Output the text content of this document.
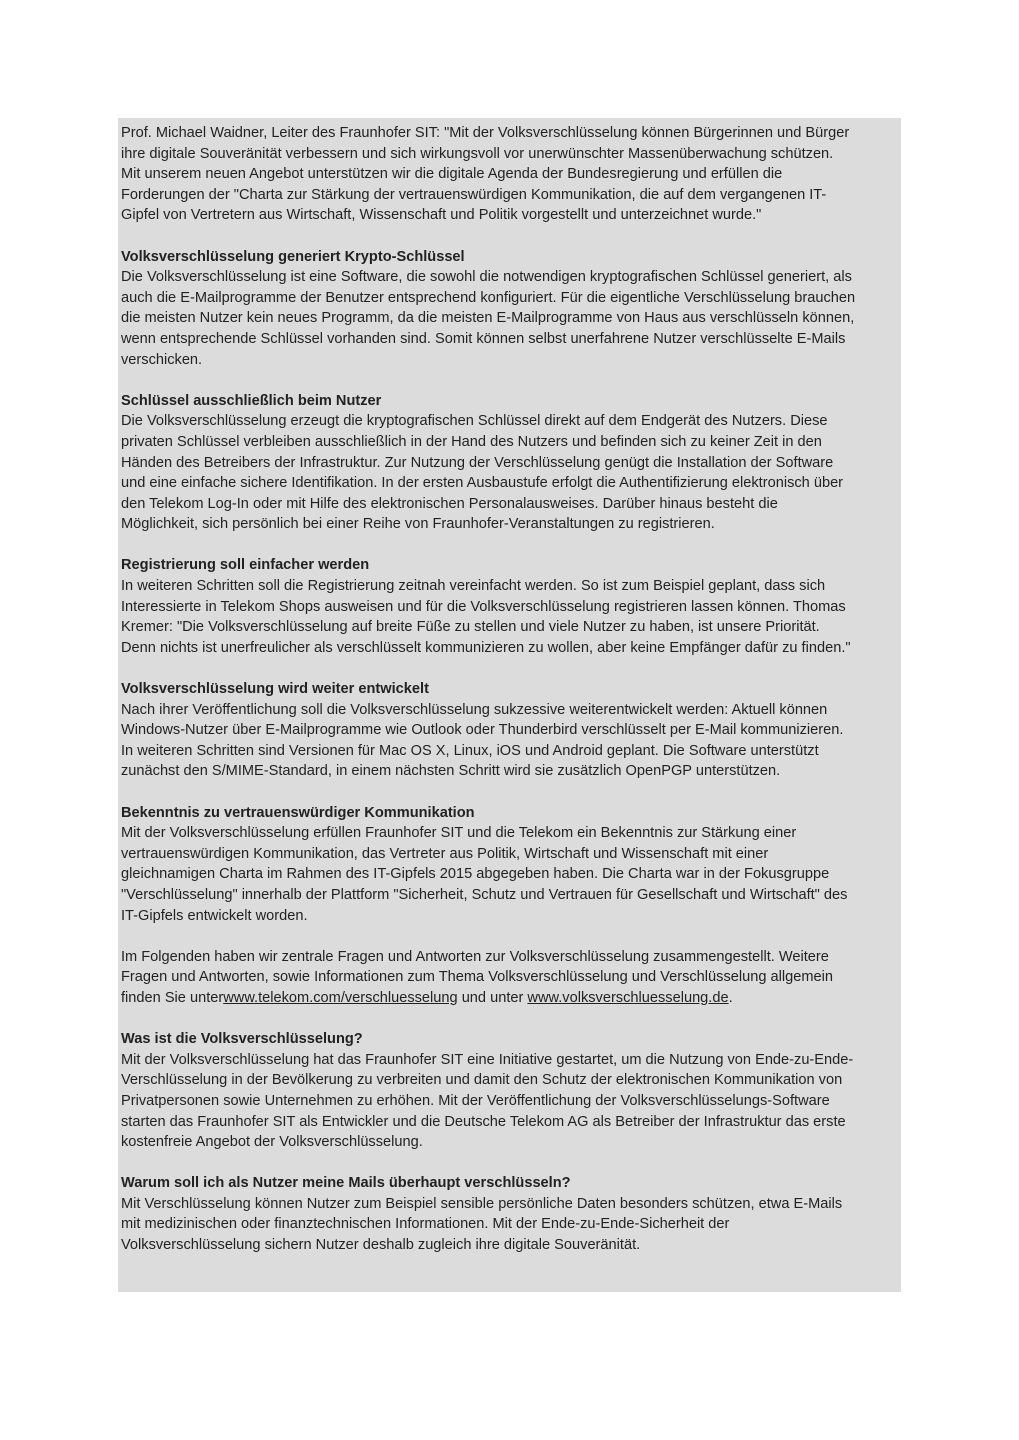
Prof. Michael Waidner, Leiter des Fraunhofer SIT: "Mit der Volksverschlüsselung können Bürgerinnen und Bürger
ihre digitale Souveränität verbessern und sich wirkungsvoll vor unerwünschter Massenüberwachung schützen.
Mit unserem neuen Angebot unterstützen wir die digitale Agenda der Bundesregierung und erfüllen die
Forderungen der "Charta zur Stärkung der vertrauenswürdigen Kommunikation, die auf dem vergangenen IT-
Gipfel von Vertretern aus Wirtschaft, Wissenschaft und Politik vorgestellt und unterzeichnet wurde."
Volksverschlüsselung generiert Krypto-Schlüssel
Die Volksverschlüsselung ist eine Software, die sowohl die notwendigen kryptografischen Schlüssel generiert, als
auch die E-Mailprogramme der Benutzer entsprechend konfiguriert. Für die eigentliche Verschlüsselung brauchen
die meisten Nutzer kein neues Programm, da die meisten E-Mailprogramme von Haus aus verschlüsseln können,
wenn entsprechende Schlüssel vorhanden sind. Somit können selbst unerfahrene Nutzer verschlüsselte E-Mails
verschicken.
Schlüssel ausschließlich beim Nutzer
Die Volksverschlüsselung erzeugt die kryptografischen Schlüssel direkt auf dem Endgerät des Nutzers. Diese
privaten Schlüssel verbleiben ausschließlich in der Hand des Nutzers und befinden sich zu keiner Zeit in den
Händen des Betreibers der Infrastruktur. Zur Nutzung der Verschlüsselung genügt die Installation der Software
und eine einfache sichere Identifikation. In der ersten Ausbaustufe erfolgt die Authentifizierung elektronisch über
den Telekom Log-In oder mit Hilfe des elektronischen Personalausweises. Darüber hinaus besteht die
Möglichkeit, sich persönlich bei einer Reihe von Fraunhofer-Veranstaltungen zu registrieren.
Registrierung soll einfacher werden
In weiteren Schritten soll die Registrierung zeitnah vereinfacht werden. So ist zum Beispiel geplant, dass sich
Interessierte in Telekom Shops ausweisen und für die Volksverschlüsselung registrieren lassen können. Thomas
Kremer: "Die Volksverschlüsselung auf breite Füße zu stellen und viele Nutzer zu haben, ist unsere Priorität.
Denn nichts ist unerfreulicher als verschlüsselt kommunizieren zu wollen, aber keine Empfänger dafür zu finden."
Volksverschlüsselung wird weiter entwickelt
Nach ihrer Veröffentlichung soll die Volksverschlüsselung sukzessive weiterentwickelt werden: Aktuell können
Windows-Nutzer über E-Mailprogramme wie Outlook oder Thunderbird verschlüsselt per E-Mail kommunizieren.
In weiteren Schritten sind Versionen für Mac OS X, Linux, iOS und Android geplant. Die Software unterstützt
zunächst den S/MIME-Standard, in einem nächsten Schritt wird sie zusätzlich OpenPGP unterstützen.
Bekenntnis zu vertrauenswürdiger Kommunikation
Mit der Volksverschlüsselung erfüllen Fraunhofer SIT und die Telekom ein Bekenntnis zur Stärkung einer
vertrauenswürdigen Kommunikation, das Vertreter aus Politik, Wirtschaft und Wissenschaft mit einer
gleichnamigen Charta im Rahmen des IT-Gipfels 2015 abgegeben haben. Die Charta war in der Fokusgruppe
"Verschlüsselung" innerhalb der Plattform "Sicherheit, Schutz und Vertrauen für Gesellschaft und Wirtschaft" des
IT-Gipfels entwickelt worden.
Im Folgenden haben wir zentrale Fragen und Antworten zur Volksverschlüsselung zusammengestellt. Weitere
Fragen und Antworten, sowie Informationen zum Thema Volksverschlüsselung und Verschlüsselung allgemein
finden Sie unterwww.telekom.com/verschluesselung und unter www.volksverschluesselung.de.
Was ist die Volksverschlüsselung?
Mit der Volksverschlüsselung hat das Fraunhofer SIT eine Initiative gestartet, um die Nutzung von Ende-zu-Ende-
Verschlüsselung in der Bevölkerung zu verbreiten und damit den Schutz der elektronischen Kommunikation von
Privatpersonen sowie Unternehmen zu erhöhen. Mit der Veröffentlichung der Volksverschlüsselungs-Software
starten das Fraunhofer SIT als Entwickler und die Deutsche Telekom AG als Betreiber der Infrastruktur das erste
kostenfreie Angebot der Volksverschlüsselung.
Warum soll ich als Nutzer meine Mails überhaupt verschlüsseln?
Mit Verschlüsselung können Nutzer zum Beispiel sensible persönliche Daten besonders schützen, etwa E-Mails
mit medizinischen oder finanztechnischen Informationen. Mit der Ende-zu-Ende-Sicherheit der
Volksverschlüsselung sichern Nutzer deshalb zugleich ihre digitale Souveränität.
